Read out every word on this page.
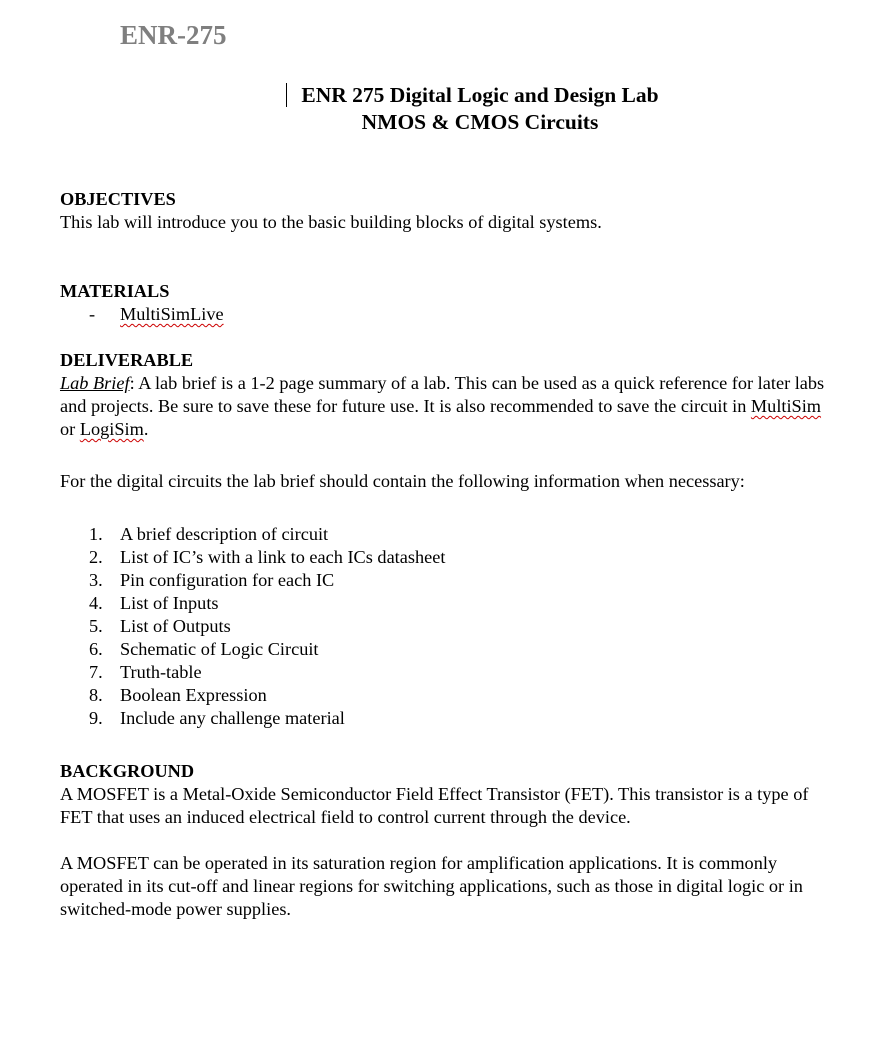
ENR-275
ENR 275 Digital Logic and Design Lab
NMOS & CMOS Circuits

OBJECTIVES

This lab will introduce you to the basic building blocks of digital systems.

MATERIALS

- MultiSimLive

DELIVERABLE

Lab Brief: A lab brief is a 1-2 page summary of a lab. This can be used as a quick reference for later labs and projects. Be sure to save these for future use. It is also recommended to save the circuit in MultiSim or LogiSim.

For the digital circuits the lab brief should contain the following information when necessary:

1. A brief description of circuit
2. List of IC’s with a link to each ICs datasheet
3. Pin configuration for each IC
4. List of Inputs
5. List of Outputs
6. Schematic of Logic Circuit
7. Truth-table
8. Boolean Expression
9. Include any challenge material

BACKGROUND

A MOSFET is a Metal-Oxide Semiconductor Field Effect Transistor (FET). This transistor is a type of FET that uses an induced electrical field to control current through the device.

A MOSFET can be operated in its saturation region for amplification applications. It is commonly operated in its cut-off and linear regions for switching applications, such as those in digital logic or in switched-mode power supplies.
